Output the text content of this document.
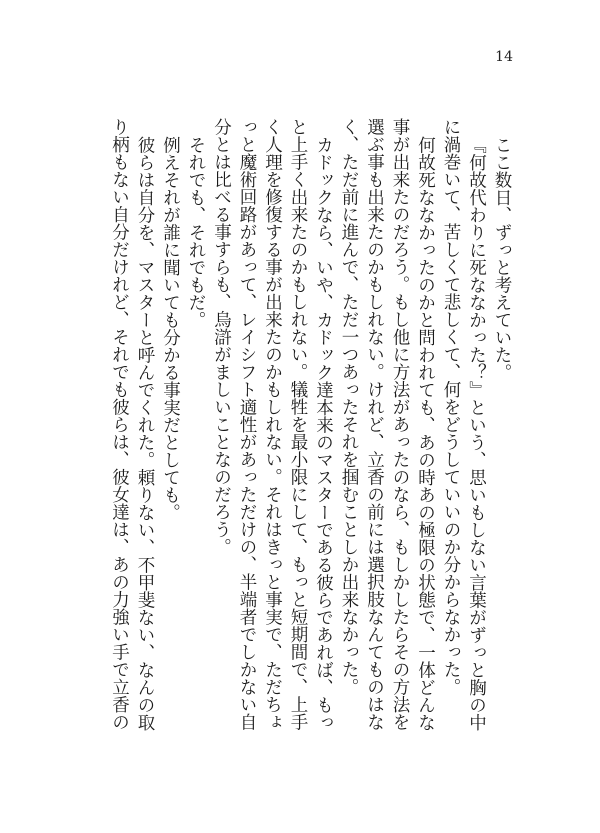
14

ここ数日、ずっと考えていた。

『何故代わりに死ななかった？』という、思いもしない言葉がずっと胸の中
に渦巻いて、苦しくて悲しくて、何をどうしていいのか分からなかった。

何故死ななかったのかと問われても、あの時あの極限の状態で、一体どんな
事が出来たのだろう。もし他に方法があったのなら、もしかしたらその方法を
選ぶ事も出来たのかもしれない。けれど、立香の前には選択肢なんてものはな
く、ただ前に進んで、ただ一つあったそれを掴むことしか出来なかった。

カドックなら、いや、カドック達本来のマスターである彼らであれば、もっ
と上手く出来たのかもしれない。犠牲を最小限にして、もっと短期間で、上手
く人理を修復する事が出来たのかもしれない。それはきっと事実で、ただちょ
っと魔術回路があって、レイシフト適性があっただけの、半端者でしかない自
分とは比べる事すらも、烏滸がましいことなのだろう。

それでも、それでもだ。

例えそれが誰に聞いても分かる事実だとしても。

彼らは自分を、マスターと呼んでくれた。頼りない、不甲斐ない、なんの取
り柄もない自分だけれど、それでも彼らは、彼女達は、あの力強い手で立香の
